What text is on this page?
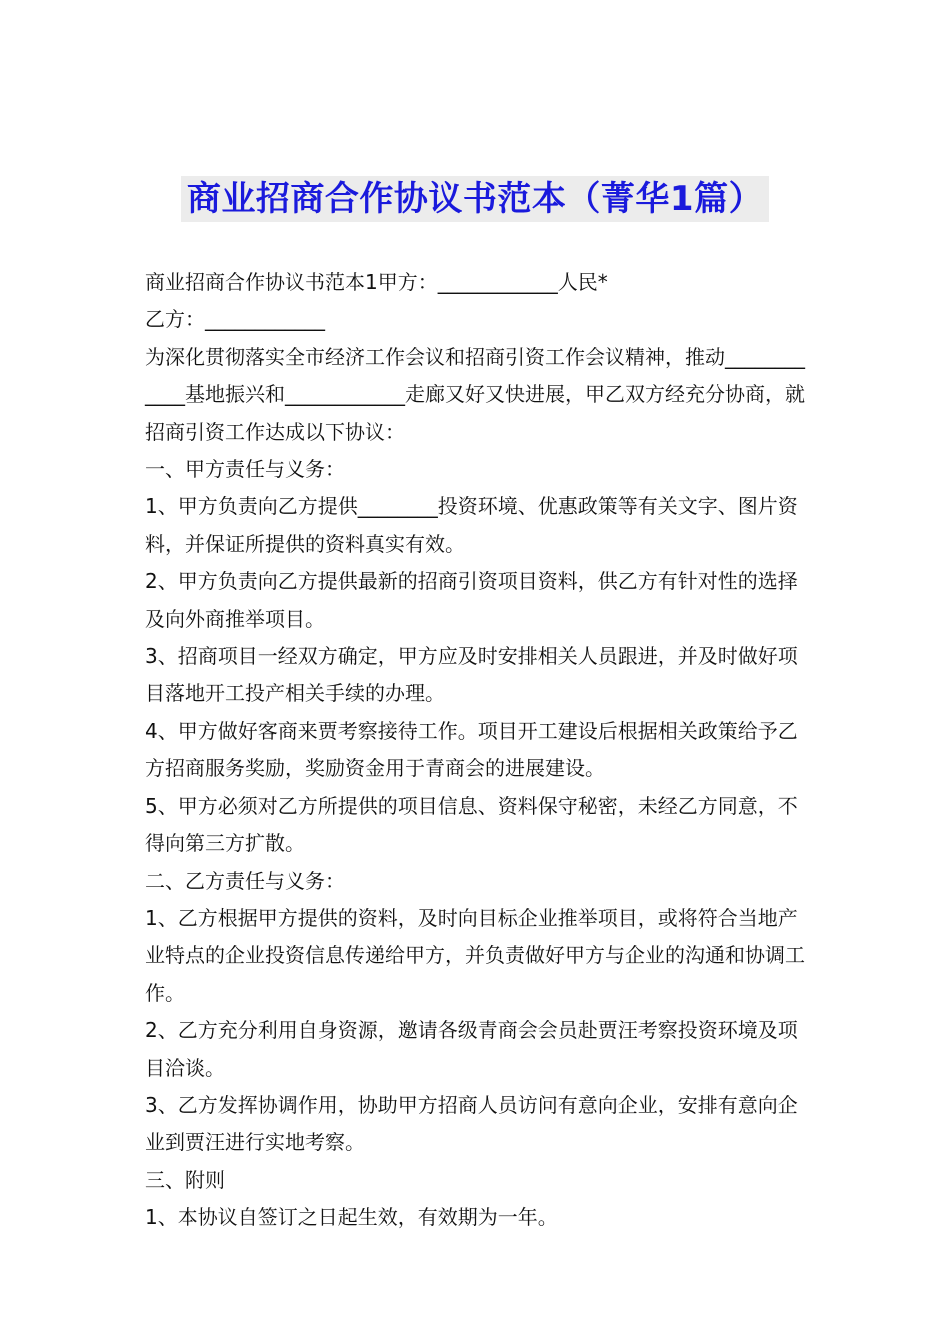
商业招商合作协议书范本（菁华1篇）

商业招商合作协议书范本1甲方：____________人民*

乙方：____________

为深化贯彻落实全市经济工作会议和招商引资工作会议精神，推动____________基地振兴和____________走廊又好又快进展，甲乙双方经充分协商，就招商引资工作达成以下协议：

一、甲方责任与义务：

1、甲方负责向乙方提供________投资环境、优惠政策等有关文字、图片资料，并保证所提供的资料真实有效。

2、甲方负责向乙方提供最新的招商引资项目资料，供乙方有针对性的选择及向外商推举项目。

3、招商项目一经双方确定，甲方应及时安排相关人员跟进，并及时做好项目落地开工投产相关手续的办理。

4、甲方做好客商来贾考察接待工作。项目开工建设后根据相关政策给予乙方招商服务奖励，奖励资金用于青商会的进展建设。

5、甲方必须对乙方所提供的项目信息、资料保守秘密，未经乙方同意，不得向第三方扩散。

二、乙方责任与义务：

1、乙方根据甲方提供的资料，及时向目标企业推举项目，或将符合当地产业特点的企业投资信息传递给甲方，并负责做好甲方与企业的沟通和协调工作。

2、乙方充分利用自身资源，邀请各级青商会会员赴贾汪考察投资环境及项目洽谈。

3、乙方发挥协调作用，协助甲方招商人员访问有意向企业，安排有意向企业到贾汪进行实地考察。

三、附则

1、本协议自签订之日起生效，有效期为一年。
